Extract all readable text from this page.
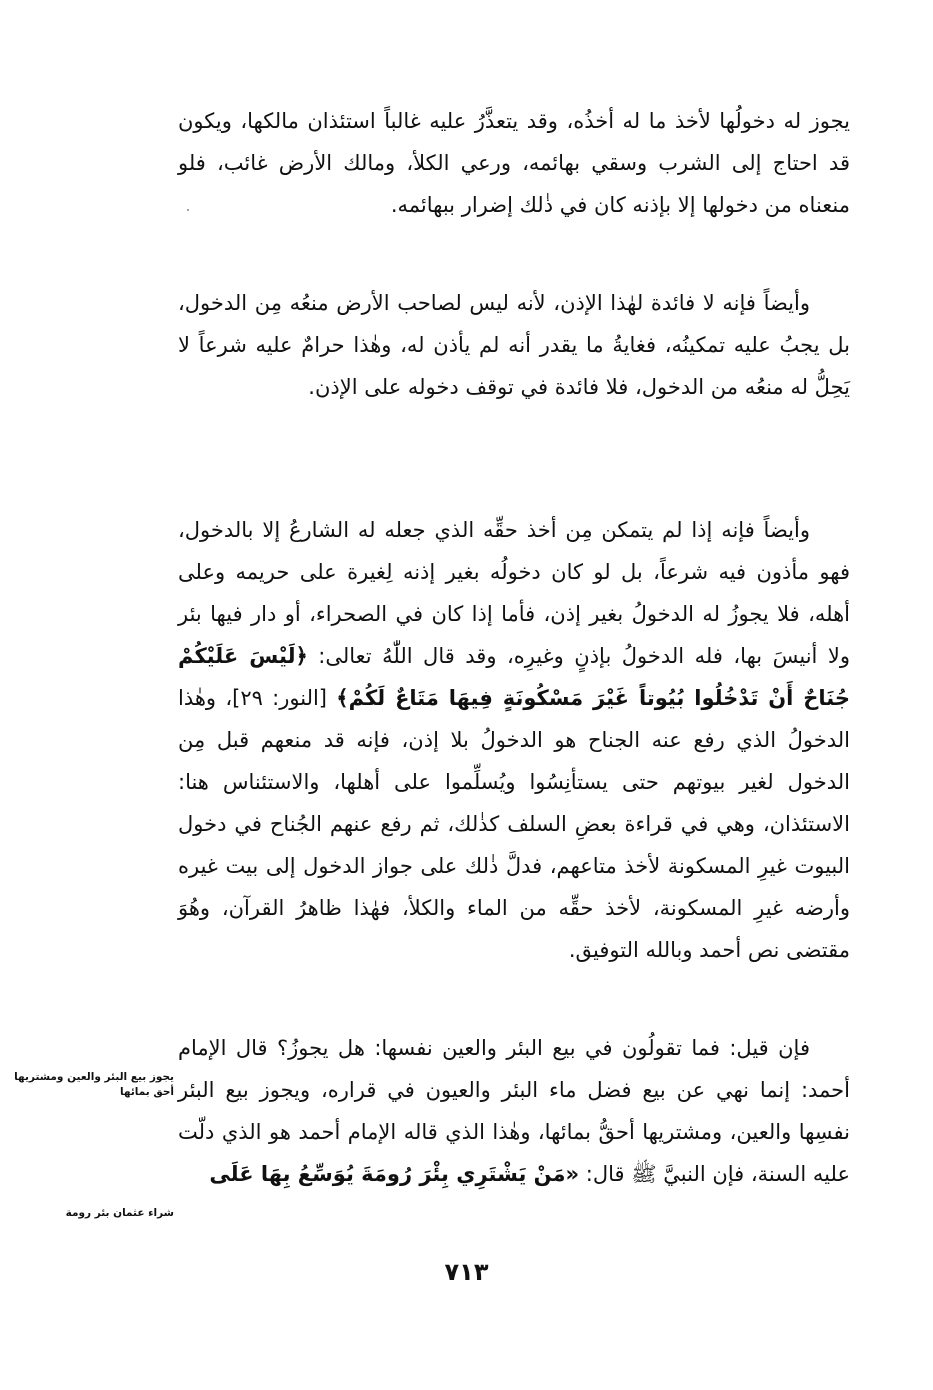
يجوز له دخولُها لأخذ ما له أخذُه، وقد يتعذَّرُ عليه غالباً استئذان مالكها، ويكون قد احتاج إلى الشرب وسقي بهائمه، ورعي الكلأ، ومالك الأرض غائب، فلو منعناه من دخولها إلا بإذنه كان في ذٰلك إضرار ببهائمه.

وأيضاً فإنه لا فائدة لهٰذا الإذن، لأنه ليس لصاحب الأرض منعُه مِن الدخول، بل يجبُ عليه تمكينُه، فغايةُ ما يقدر أنه لم يأذن له، وهٰذا حرامٌ عليه شرعاً لا يَحِلُّ له منعُه من الدخول، فلا فائدة في توقف دخوله على الإذن.

وأيضاً فإنه إذا لم يتمكن مِن أخذ حقِّه الذي جعله له الشارعُ إلا بالدخول، فهو مأذون فيه شرعاً، بل لو كان دخولُه بغير إذنه لِغيرة على حريمه وعلى أهله، فلا يجوزُ له الدخولُ بغير إذن، فأما إذا كان في الصحراء، أو دار فيها بئر ولا أنيسَ بها، فله الدخولُ بإذنٍ وغيرِه، وقد قال اللّٰهُ تعالى: ﴿لَيْسَ عَلَيْكُمْ جُنَاحٌ أَنْ تَدْخُلُوا بُيُوتاً غَيْرَ مَسْكُونَةٍ فِيهَا مَتَاعٌ لَكُمْ﴾ [النور: ٢٩]، وهٰذا الدخولُ الذي رفع عنه الجناح هو الدخولُ بلا إذن، فإنه قد منعهم قبل مِن الدخول لغير بيوتهم حتى يستأنِسُوا ويُسلِّموا على أهلها، والاستئناس هنا: الاستئذان، وهي في قراءة بعضِ السلف كذٰلك، ثم رفع عنهم الجُناح في دخول البيوت غيرِ المسكونة لأخذ متاعهم، فدلَّ ذٰلك على جواز الدخول إلى بيت غيره وأرضه غيرِ المسكونة، لأخذ حقِّه من الماء والكلأ، فهٰذا ظاهرُ القرآن، وهُوَ مقتضى نص أحمد وبالله التوفيق.

فإن قيل: فما تقولُون في بيع البئر والعين نفسها: هل يجوزُ؟ قال الإمام أحمد: إنما نهي عن بيع فضل ماء البئر والعيون في قراره، ويجوز بيع البئر نفسِها والعين، ومشتريها أحقُّ بمائها، وهٰذا الذي قاله الإمام أحمد هو الذي دلّت عليه السنة، فإن النبيَّ ﷺ قال: «مَنْ يَشْتَرِي بِئْرَ رُومَةَ يُوَسِّعُ بِهَا عَلَى

يجوز بيع البئر والعين ومشتريها أحق بمائها
شراء عثمان بئر رومة
٧١٣
